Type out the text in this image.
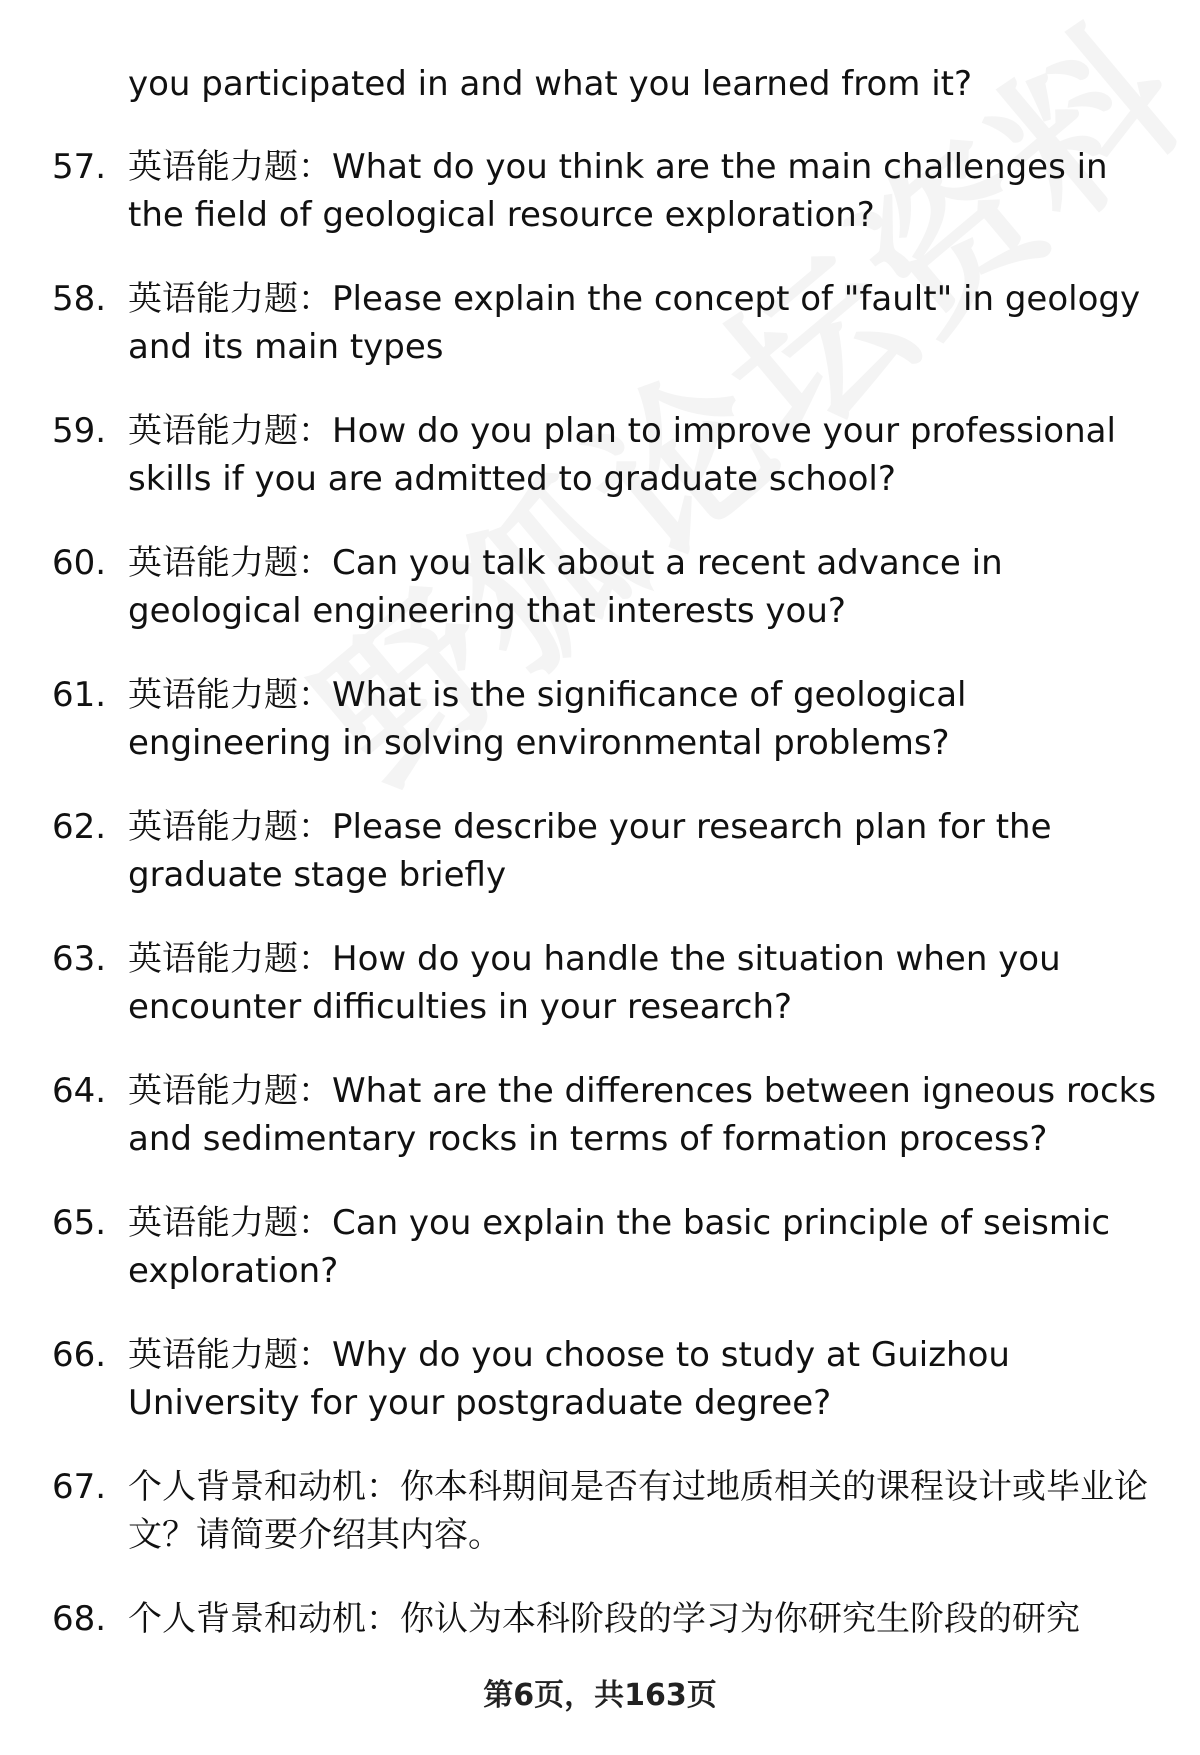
you participated in and what you learned from it?

57. 英语能力题：What do you think are the main challenges in the field of geological resource exploration?
58. 英语能力题：Please explain the concept of "fault" in geology and its main types
59. 英语能力题：How do you plan to improve your professional skills if you are admitted to graduate school?
60. 英语能力题：Can you talk about a recent advance in geological engineering that interests you?
61. 英语能力题：What is the significance of geological engineering in solving environmental problems?
62. 英语能力题：Please describe your research plan for the graduate stage briefly
63. 英语能力题：How do you handle the situation when you encounter difficulties in your research?
64. 英语能力题：What are the differences between igneous rocks and sedimentary rocks in terms of formation process?
65. 英语能力题：Can you explain the basic principle of seismic exploration?
66. 英语能力题：Why do you choose to study at Guizhou University for your postgraduate degree?
67. 个人背景和动机：你本科期间是否有过地质相关的课程设计或毕业论文？请简要介绍其内容。
68. 个人背景和动机：你认为本科阶段的学习为你研究生阶段的研究
第6页，共163页
